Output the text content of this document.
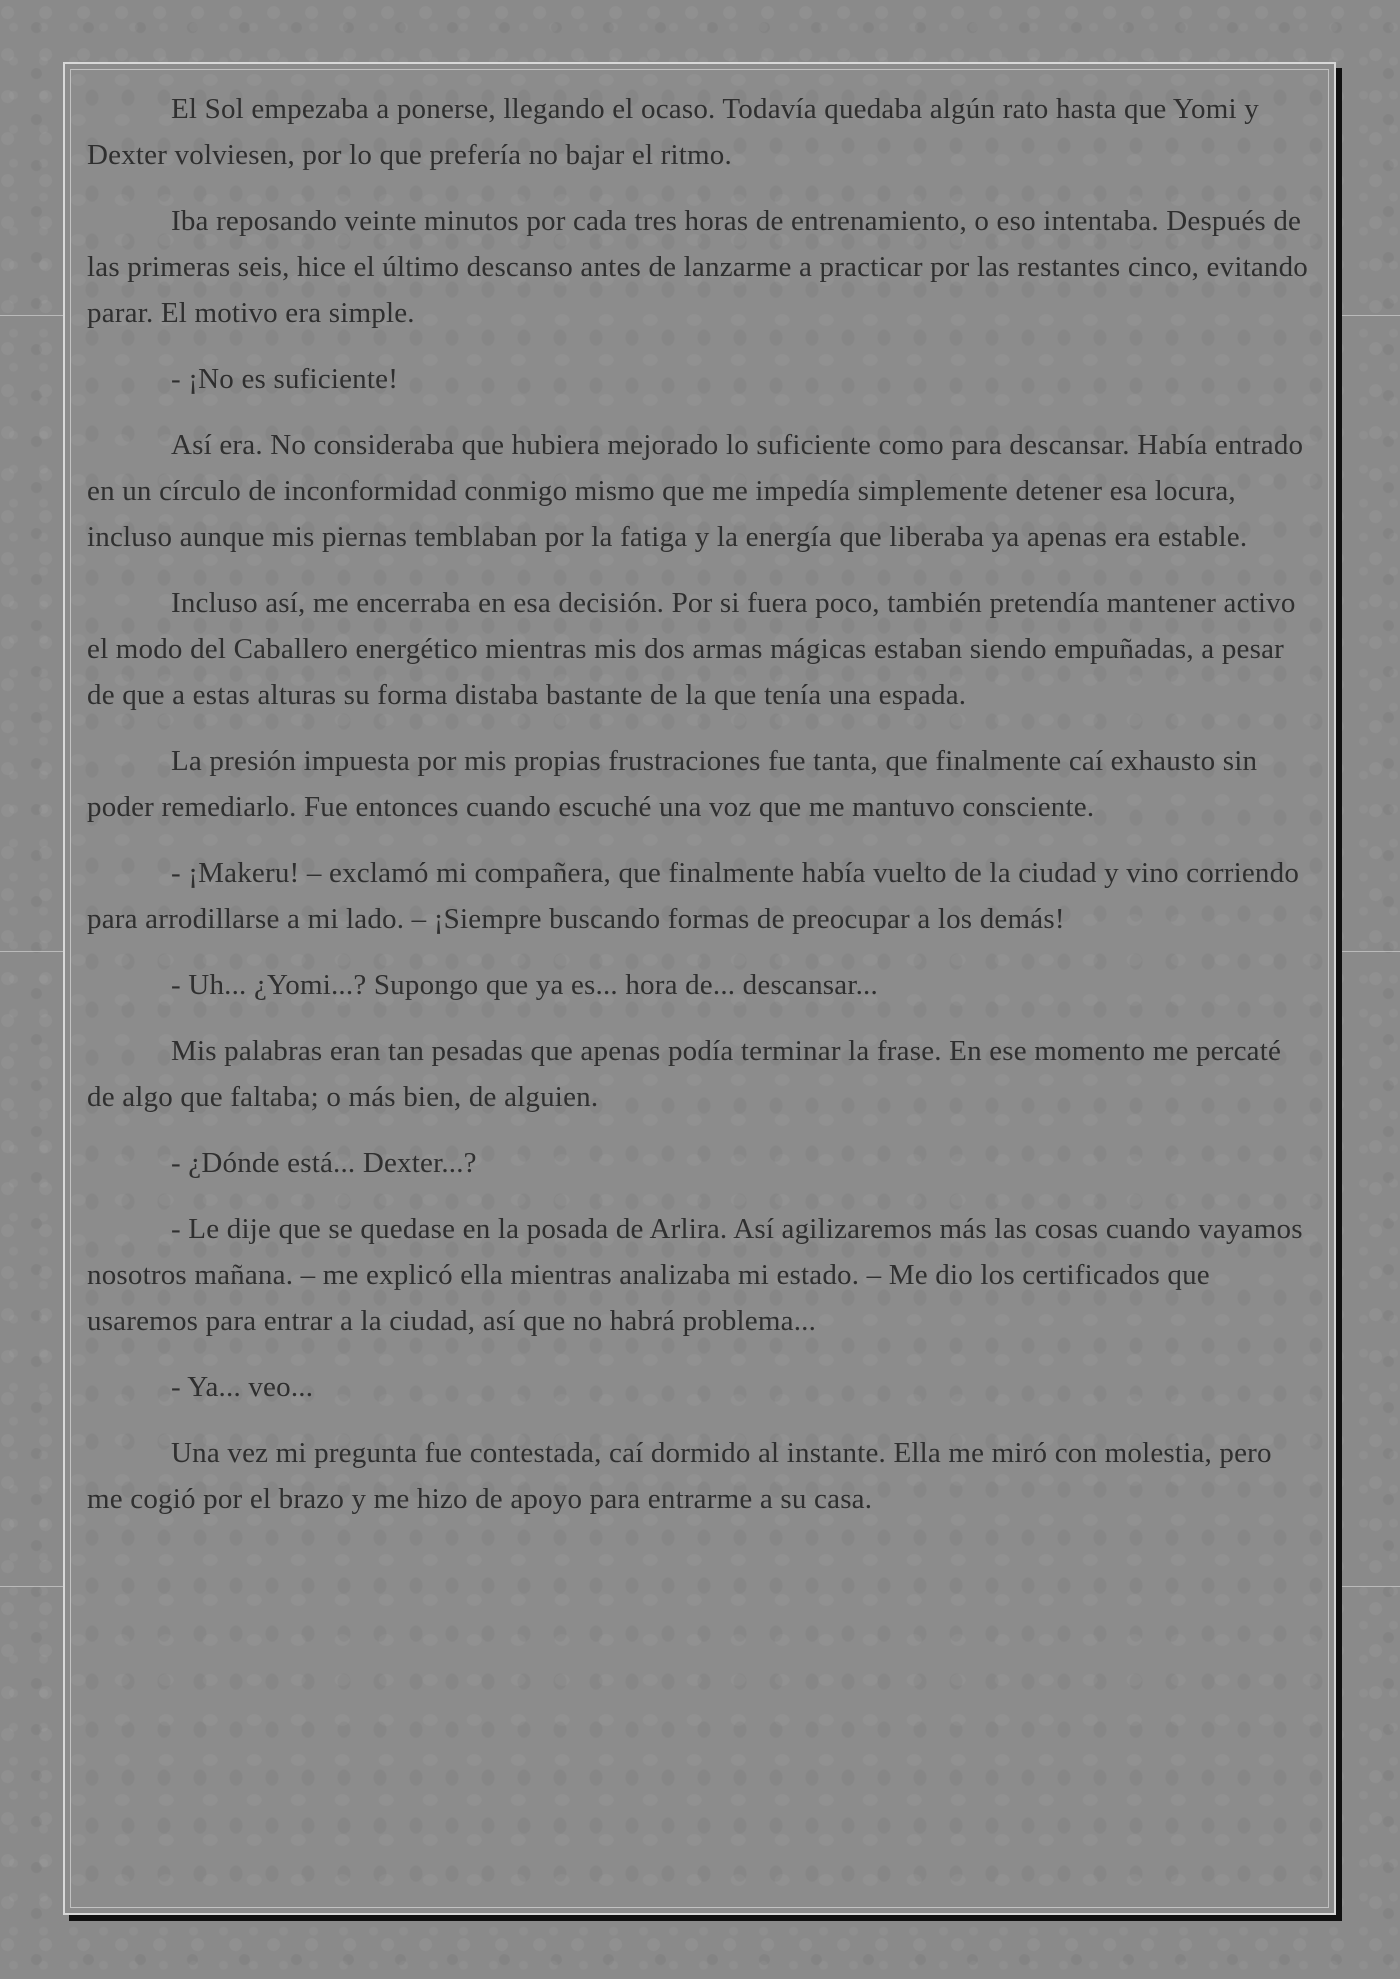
El Sol empezaba a ponerse, llegando el ocaso. Todavía quedaba algún rato hasta que Yomi y Dexter volviesen, por lo que prefería no bajar el ritmo.

Iba reposando veinte minutos por cada tres horas de entrenamiento, o eso intentaba. Después de las primeras seis, hice el último descanso antes de lanzarme a practicar por las restantes cinco, evitando parar. El motivo era simple.

- ¡No es suficiente!

Así era. No consideraba que hubiera mejorado lo suficiente como para descansar. Había entrado en un círculo de inconformidad conmigo mismo que me impedía simplemente detener esa locura, incluso aunque mis piernas temblaban por la fatiga y la energía que liberaba ya apenas era estable.

Incluso así, me encerraba en esa decisión. Por si fuera poco, también pretendía mantener activo el modo del Caballero energético mientras mis dos armas mágicas estaban siendo empuñadas, a pesar de que a estas alturas su forma distaba bastante de la que tenía una espada.

La presión impuesta por mis propias frustraciones fue tanta, que finalmente caí exhausto sin poder remediarlo. Fue entonces cuando escuché una voz que me mantuvo consciente.

- ¡Makeru! – exclamó mi compañera, que finalmente había vuelto de la ciudad y vino corriendo para arrodillarse a mi lado. – ¡Siempre buscando formas de preocupar a los demás!

- Uh... ¿Yomi...? Supongo que ya es... hora de... descansar...

Mis palabras eran tan pesadas que apenas podía terminar la frase. En ese momento me percaté de algo que faltaba; o más bien, de alguien.

- ¿Dónde está... Dexter...?

- Le dije que se quedase en la posada de Arlira. Así agilizaremos más las cosas cuando vayamos nosotros mañana. – me explicó ella mientras analizaba mi estado. – Me dio los certificados que usaremos para entrar a la ciudad, así que no habrá problema...

- Ya... veo...

Una vez mi pregunta fue contestada, caí dormido al instante. Ella me miró con molestia, pero me cogió por el brazo y me hizo de apoyo para entrarme a su casa.
